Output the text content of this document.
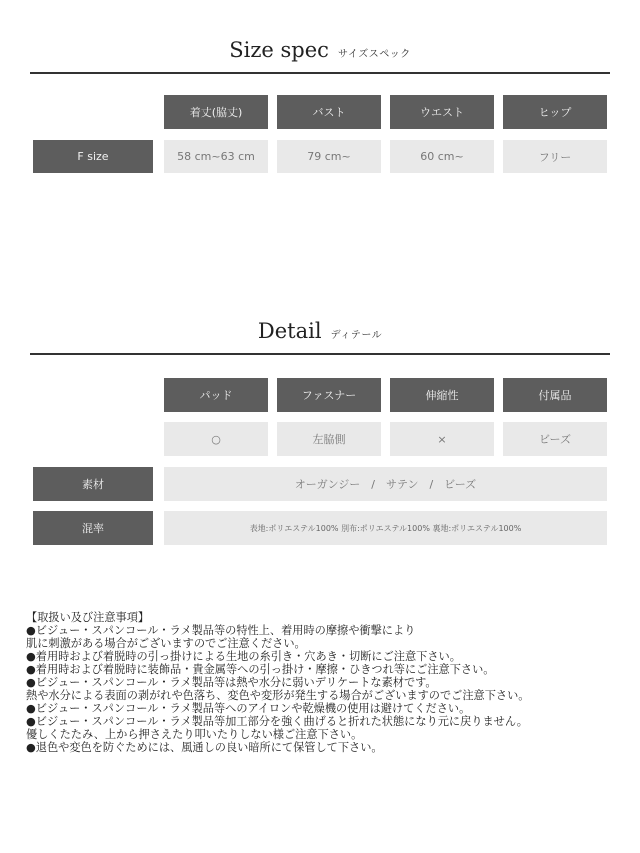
Size spec サイズスペック
着丈(脇丈)	バスト	ウエスト	ヒップ
F size	58 cm~63 cm	79 cm~	60 cm~	フリー
Detail ディテール
パッド	ファスナー	伸縮性	付属品
○	左脇側	×	ビーズ
素材	オーガンジー　/　サテン　/　ビーズ
混率	表地:ポリエステル100% 別布:ポリエステル100% 裏地:ポリエステル100%
【取扱い及び注意事項】
●ビジュー・スパンコール・ラメ製品等の特性上、着用時の摩擦や衝撃により
肌に刺激がある場合がございますのでご注意ください。
●着用時および着脱時の引っ掛けによる生地の糸引き・穴あき・切断にご注意下さい。
●着用時および着脱時に装飾品・貴金属等への引っ掛け・摩擦・ひきつれ等にご注意下さい。
●ビジュー・スパンコール・ラメ製品等は熱や水分に弱いデリケートな素材です。
熱や水分による表面の剥がれや色落ち、変色や変形が発生する場合がございますのでご注意下さい。
●ビジュー・スパンコール・ラメ製品等へのアイロンや乾燥機の使用は避けてください。
●ビジュー・スパンコール・ラメ製品等加工部分を強く曲げると折れた状態になり元に戻りません。
優しくたたみ、上から押さえたり叩いたりしない様ご注意下さい。
●退色や変色を防ぐためには、風通しの良い暗所にて保管して下さい。
